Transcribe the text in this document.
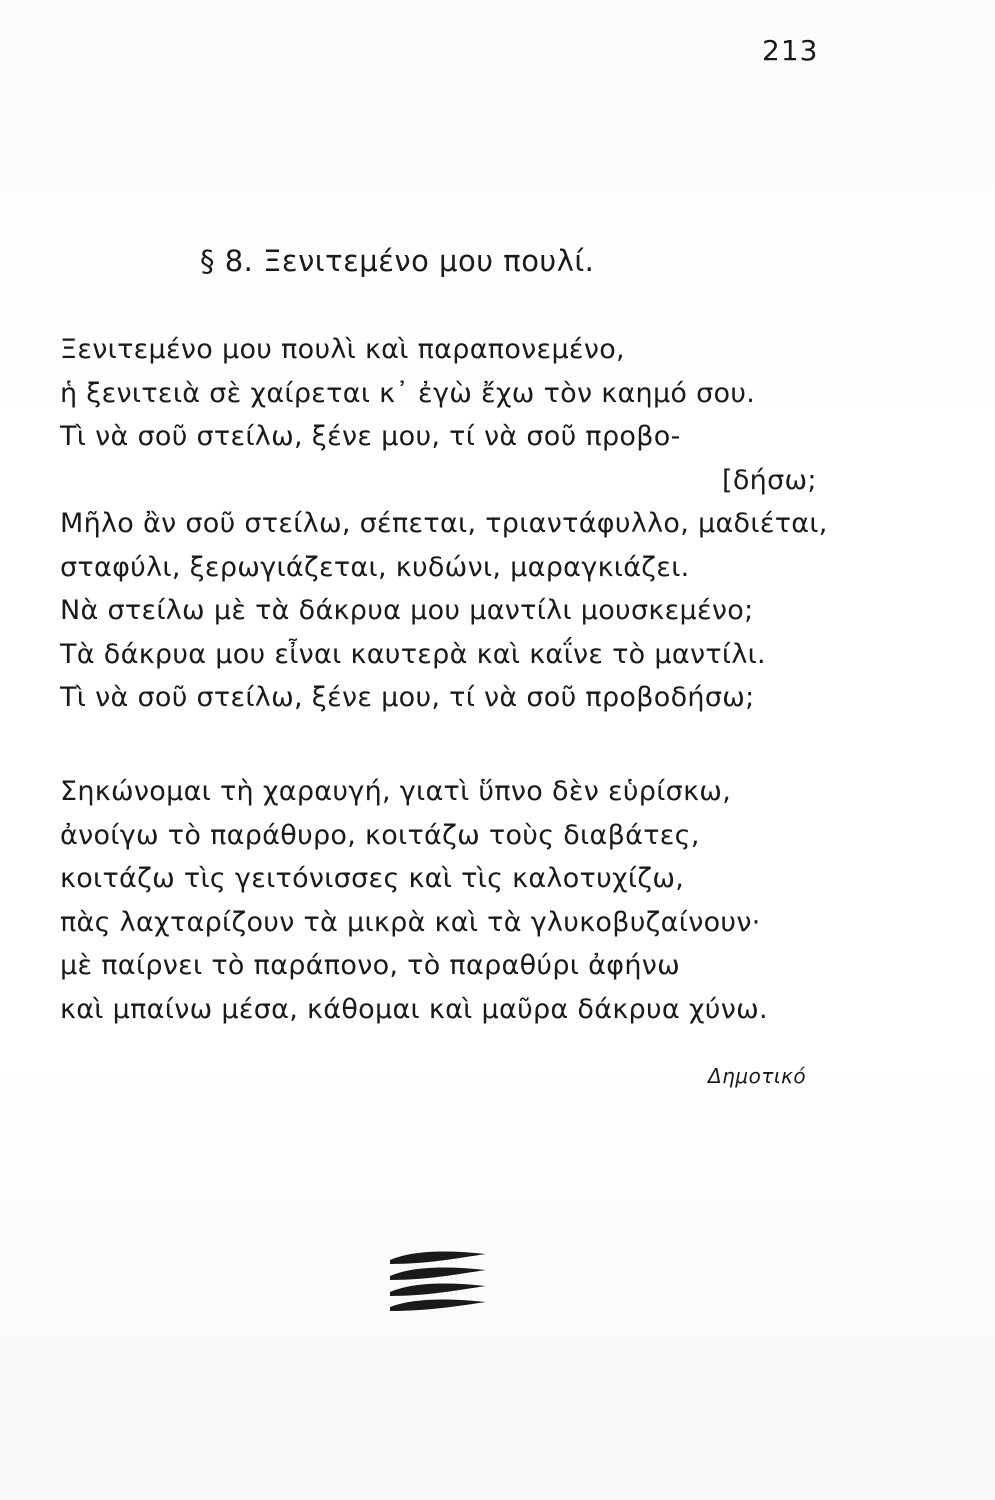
213
§ 8. Ξενιτεμένο μου πουλί.
Ξενιτεμένο μου πουλὶ καὶ παραπονεμένο,
ἡ ξενιτειὰ σὲ χαίρεται κ᾽ ἐγὼ ἔχω τὸν καημό σου.
Τὶ νὰ σοῦ στείλω, ξένε μου, τί νὰ σοῦ προβο-
[δήσω;
Μῆλο ἂν σοῦ στείλω, σέπεται, τριαντάφυλλο, μαδιέται,
σταφύλι, ξερωγιάζεται, κυδώνι, μαραγκιάζει.
Νὰ στείλω μὲ τὰ δάκρυα μου μαντίλι μουσκεμένο;
Τὰ δάκρυα μου εἶναι καυτερὰ καὶ καΐνε τὸ μαντίλι.
Τὶ νὰ σοῦ στείλω, ξένε μου, τί νὰ σοῦ προβοδήσω;
Σηκώνομαι τὴ χαραυγή, γιατὶ ὕπνο δὲν εὑρίσκω,
ἀνοίγω τὸ παράθυρο, κοιτάζω τοὺς διαβάτες,
κοιτάζω τὶς γειτόνισσες καὶ τὶς καλοτυχίζω,
πὰς λαχταρίζουν τὰ μικρὰ καὶ τὰ γλυκοβυζαίνουν·
μὲ παίρνει τὸ παράπονο, τὸ παραθύρι ἀφήνω
καὶ μπαίνω μέσα, κάθομαι καὶ μαῦρα δάκρυα χύνω.
Δημοτικό
